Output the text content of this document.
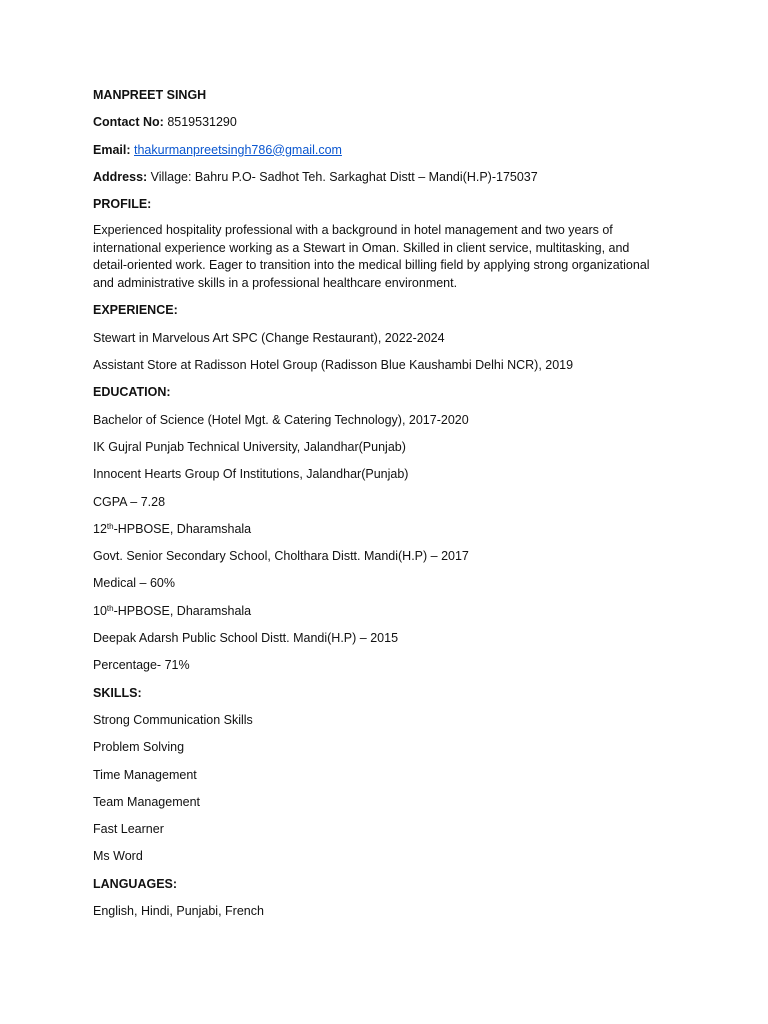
MANPREET SINGH

Contact No: 8519531290

Email: thakurmanpreetsingh786@gmail.com

Address: Village: Bahru P.O- Sadhot Teh. Sarkaghat Distt – Mandi(H.P)-175037

PROFILE:

Experienced hospitality professional with a background in hotel management and two years of international experience working as a Stewart in Oman. Skilled in client service, multitasking, and detail-oriented work. Eager to transition into the medical billing field by applying strong organizational and administrative skills in a professional healthcare environment.

EXPERIENCE:

Stewart in Marvelous Art SPC (Change Restaurant), 2022-2024

Assistant Store at Radisson Hotel Group (Radisson Blue Kaushambi Delhi NCR), 2019

EDUCATION:

Bachelor of Science (Hotel Mgt. & Catering Technology), 2017-2020

IK Gujral Punjab Technical University, Jalandhar(Punjab)

Innocent Hearts Group Of Institutions, Jalandhar(Punjab)

CGPA – 7.28

12th-HPBOSE, Dharamshala

Govt. Senior Secondary School, Cholthara Distt. Mandi(H.P) – 2017

Medical – 60%

10th-HPBOSE, Dharamshala

Deepak Adarsh Public School Distt. Mandi(H.P) – 2015

Percentage- 71%

SKILLS:

Strong Communication Skills

Problem Solving

Time Management

Team Management

Fast Learner

Ms Word

LANGUAGES:

English, Hindi, Punjabi, French
